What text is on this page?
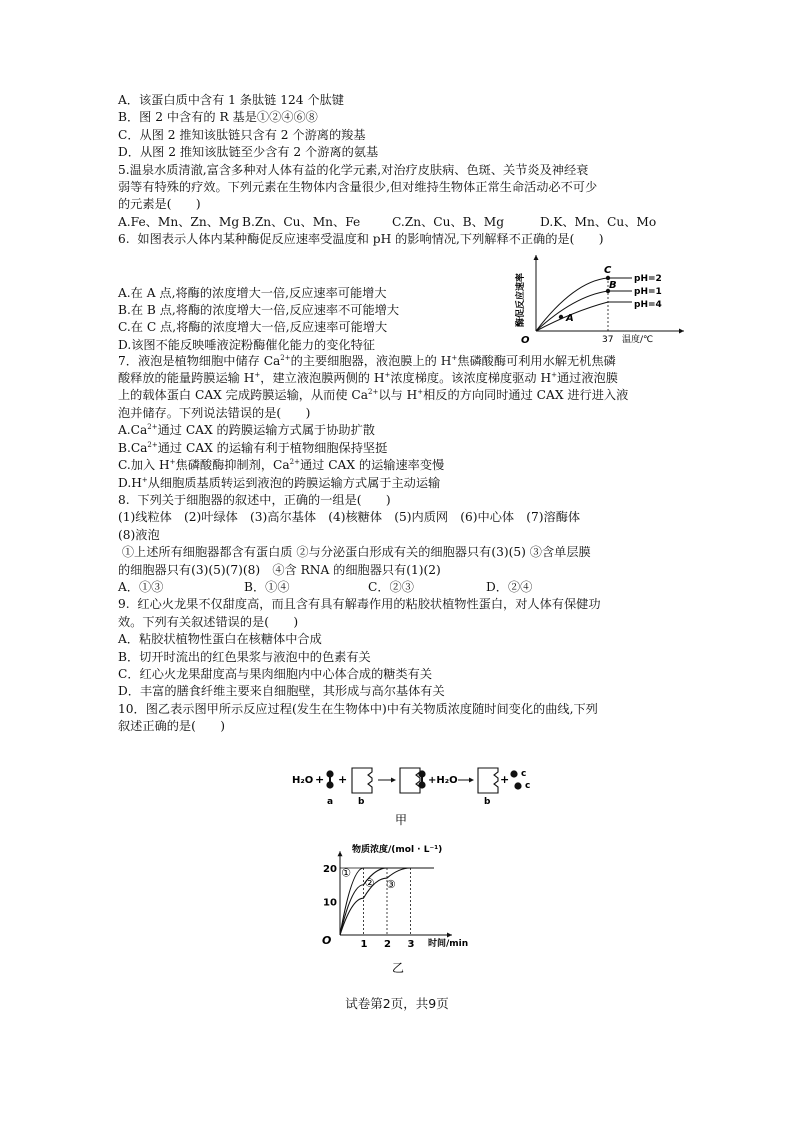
A．该蛋白质中含有 1 条肽链 124 个肽键
B．图 2 中含有的 R 基是①②④⑥⑧
C．从图 2 推知该肽链只含有 2 个游离的羧基
D．从图 2 推知该肽链至少含有 2 个游离的氨基
5.温泉水质清澈,富含多种对人体有益的化学元素,对治疗皮肤病、色斑、关节炎及神经衰
弱等有特殊的疗效。下列元素在生物体内含量很少,但对维持生物体正常生命活动必不可少
的元素是(　　)
A.Fe、Mn、Zn、Mg B.Zn、Cu、Mn、Fe	C.Zn、Cu、B、Mg	D.K、Mn、Cu、Mo
6.  如图表示人体内某种酶促反应速率受温度和 pH 的影响情况,下列解释不正确的是(　　)
A.在 A 点,将酶的浓度增大一倍,反应速率可能增大
B.在 B 点,将酶的浓度增大一倍,反应速率不可能增大
C.在 C 点,将酶的浓度增大一倍,反应速率可能增大
D.该图不能反映唾液淀粉酶催化能力的变化特征
酶促反应速率
O	37 温度/℃
C
B
A
pH=2
pH=1
pH=4
7．液泡是植物细胞中储存 $Ca^{2+}$的主要细胞器，液泡膜上的 H+焦磷酸酶可利用水解无机焦磷
酸释放的能量跨膜运输 H+，建立液泡膜两侧的 H+浓度梯度。该浓度梯度驱动 H+通过液泡膜
上的载体蛋白 CAX 完成跨膜运输，从而使 $Ca^{2+}$以与 H+相反的方向同时通过 CAX 进行进入液
泡并储存。下列说法错误的是(　　)
$A.Ca^{2+}$通过 CAX 的跨膜运输方式属于协助扩散
$B.Ca^{2+}$通过 CAX 的运输有利于植物细胞保持坚挺
C.加入 H+焦磷酸酶抑制剂，$Ca^{2+}$通过 CAX 的运输速率变慢
D.H+从细胞质基质转运到液泡的跨膜运输方式属于主动运输
8.  下列关于细胞器的叙述中，正确的一组是(　　)
(1)线粒体　(2)叶绿体　(3)高尔基体　(4)核糖体　(5)内质网　(6)中心体　(7)溶酶体
(8)液泡
①上述所有细胞器都含有蛋白质 ②与分泌蛋白形成有关的细胞器只有(3)(5) ③含单层膜
的细胞器只有(3)(5)(7)(8)　④含 RNA 的细胞器只有(1)(2)
A．①③	B．①④	C．②③	D．②④
9.  红心火龙果不仅甜度高，而且含有具有解毒作用的粘胶状植物性蛋白，对人体有保健功
效。下列有关叙述错误的是(　　)
A．粘胶状植物性蛋白在核糖体中合成
B．切开时流出的红色果浆与液泡中的色素有关
C．红心火龙果甜度高与果肉细胞内中心体合成的糖类有关
D．丰富的膳食纤维主要来自细胞壁，其形成与高尔基体有关
10．图乙表示图甲所示反应过程(发生在生物体中)中有关物质浓度随时间变化的曲线,下列
叙述正确的是(　　)
H₂O +
a
+
b
+H₂O
b
+ c
c
甲
物质浓度/(mol · L⁻¹)
20
10
1 2 3 时间/min
O
①
② ③
乙
试卷第2页，共9页
